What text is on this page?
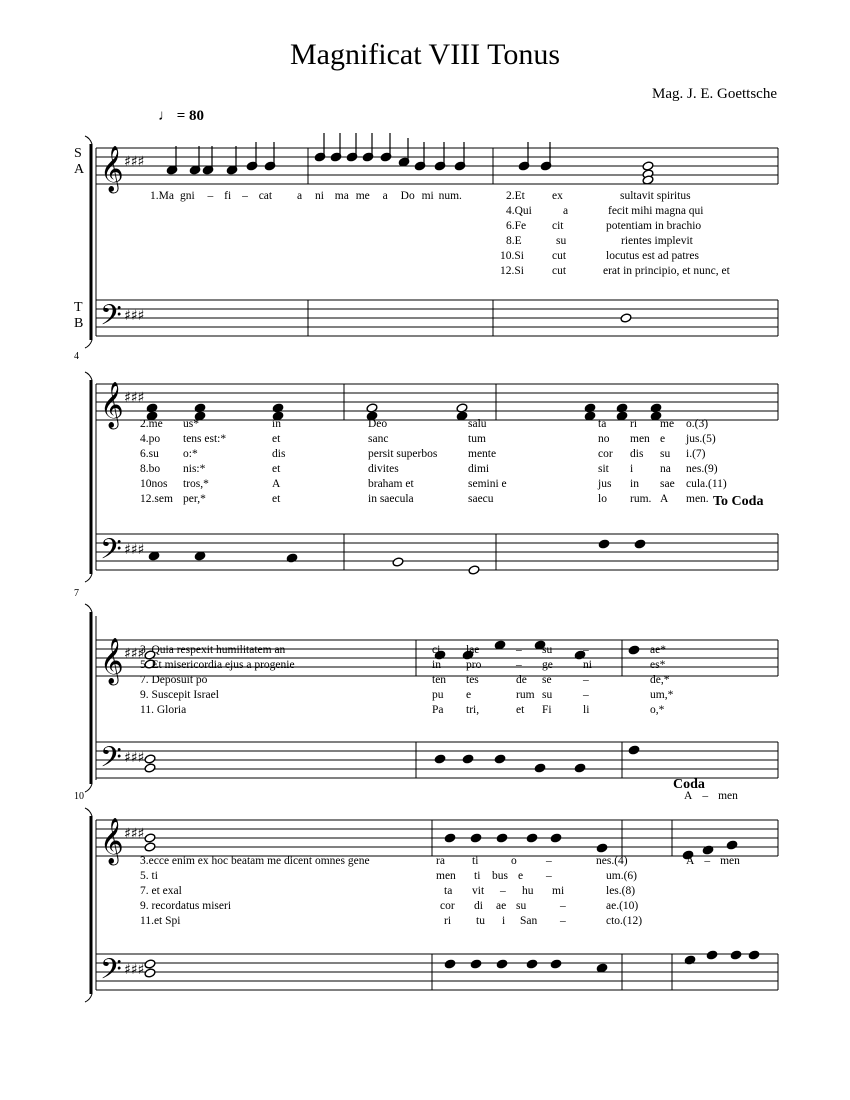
Magnificat VIII Tonus
Mag. J. E. Goettsche
♩ = 80
S
A
T
B
4
7
10
To Coda
Coda
𝄞
𝄢
♯♯♯
♯♯♯
𝄞
𝄢
♯♯♯
♯♯♯
𝄞
𝄢
♯♯♯
♯♯♯
𝄞
𝄢
♯♯♯
♯♯♯
1.Ma gni – fi – cat a ni ma me a Do mi num.	2.Et ex	sultavit spiritus
4.Qui	a	fecit mihi magna qui
6.Fe cit	potentiam in brachio
8.E	su	rientes implevit
10.Si cut	locutus est ad patres
12.Si cut	erat in principio, et nunc, et
2.me us*	in	Deo	salu	ta ri me o.(3)
4.po tens est:*	et	sanc	tum	no men e jus.(5)
6.su o:*	dis	persit superbos	mente	cor dis su i.(7)
8.bo nis:*	et	divites	dimi	sit i na nes.(9)
10nos tros,*	A	braham et	semini e	jus in sae cula.(11)
12.sem per,*	et	in saecula	saecu	lo rum. A men.
3. Quia respexit humilitatem an	ci lae	– su	–	ae*
5. Et misericordia ejus a progenie	in pro	– ge	ni	es*
7. Deposuit po	ten tes	de se	–	de,*
9. Suscepit Israel	pu e	rum su	–	um,*
11. Gloria	Pa tri,	et Fi	li	o,*
3.ecce enim ex hoc beatam me dicent omnes gene	ra ti	o	–	nes.(4)
5. ti	men ti bus e –	um.(6)
7. et exal	ta vit – hu mi	les.(8)
9. recordatus miseri	cor di ae su	–	ae.(10)
11.et Spi	ri tu i San –	cto.(12)
A – men
A – men
